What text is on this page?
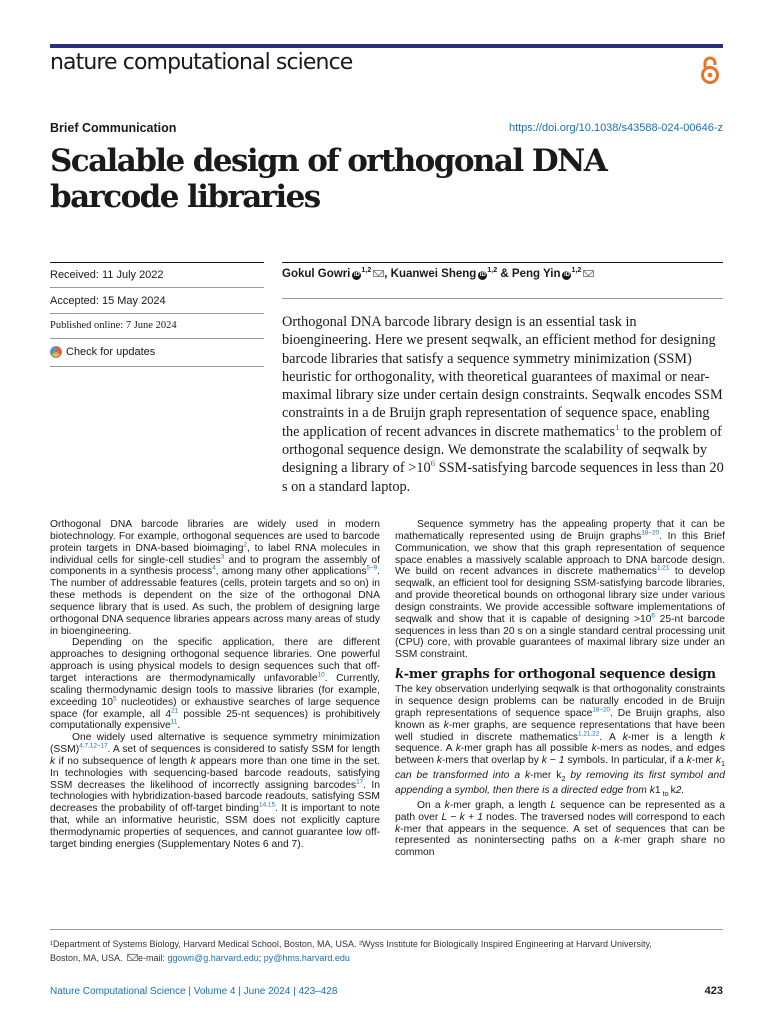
nature computational science
Brief Communication	https://doi.org/10.1038/s43588-024-00646-z
Scalable design of orthogonal DNA barcode libraries
Received: 11 July 2022
Accepted: 15 May 2024
Published online: 7 June 2024
Check for updates
Gokul Gowri iD$^{1,2}$ , Kuanwei Sheng iD$^{1,2}$ & Peng Yin iD$^{1,2}$

Orthogonal DNA barcode library design is an essential task in bioengineering. Here we present seqwalk, an efficient method for designing barcode libraries that satisfy a sequence symmetry minimization (SSM) heuristic for orthogonality, with theoretical guarantees of maximal or near-maximal library size under certain design constraints. Seqwalk encodes SSM constraints in a de Bruijn graph representation of sequence space, enabling the application of recent advances in discrete mathematics$^1$ to the problem of orthogonal sequence design. We demonstrate the scalability of seqwalk by designing a library of $>10^6$ SSM-satisfying barcode sequences in less than 20 s on a standard laptop.

Orthogonal DNA barcode libraries are widely used in modern biotechnology. For example, orthogonal sequences are used to barcode protein targets in DNA-based bioimaging$^2$, to label RNA molecules in individual cells for single-cell studies$^3$ and to program the assembly of components in a synthesis process$^4$, among many other applications$^{5-9}$. The number of addressable features (cells, protein targets and so on) in these methods is dependent on the size of the orthogonal DNA sequence library that is used. As such, the problem of designing large orthogonal DNA sequence libraries appears across many areas of study in bioengineering.

Depending on the specific application, there are different approaches to designing orthogonal sequence libraries. One powerful approach is using physical models to design sequences such that off-target interactions are thermodynamically unfavorable$^{10}$. Currently, scaling thermodynamic design tools to massive libraries (for example, exceeding $10^5$ nucleotides) or exhaustive searches of large sequence space (for example, all $4^{21}$ possible 25-nt sequences) is prohibitively computationally expensive$^{11}$.

One widely used alternative is sequence symmetry minimization (SSM)$^{4,7,12-17}$. A set of sequences is considered to satisfy SSM for length k if no subsequence of length k appears more than one time in the set. In technologies with sequencing-based barcode readouts, satisfying SSM decreases the likelihood of incorrectly assigning barcodes$^{17}$. In technologies with hybridization-based barcode readouts, satisfying SSM decreases the probability of off-target binding$^{14,15}$. It is important to note that, while an informative heuristic, SSM does not explicitly capture thermodynamic properties of sequences, and cannot guarantee low off-target binding energies (Supplementary Notes 6 and 7).

Sequence symmetry has the appealing property that it can be mathematically represented using de Bruijn graphs$^{18-20}$. In this Brief Communication, we show that this graph representation of sequence space enables a massively scalable approach to DNA barcode design. We build on recent advances in discrete mathematics$^{1,21}$ to develop seqwalk, an efficient tool for designing SSM-satisfying barcode libraries, and provide theoretical bounds on orthogonal library size under various design constraints. We provide accessible software implementations of seqwalk and show that it is capable of designing $>10^6$ 25-nt barcode sequences in less than 20 s on a single standard central processing unit (CPU) core, with provable guarantees of maximal library size under an SSM constraint.

k-mer graphs for orthogonal sequence design

The key observation underlying seqwalk is that orthogonality constraints in sequence design problems can be naturally encoded in de Bruijn graph representations of sequence space$^{18-20}$. De Bruijn graphs, also known as k-mer graphs, are sequence representations that have been well studied in discrete mathematics$^{1,21,22}$. A k-mer is a length k sequence. A k-mer graph has all possible k-mers as nodes, and edges between k-mers that overlap by k − 1 symbols. In particular, if a k-mer $k_1$ can be transformed into a k-mer $k_2$ by removing its first symbol and appending a symbol, then there is a directed edge from k1 $_{to}$ k2.

On a k-mer graph, a length L sequence can be represented as a path over L − k + 1 nodes. The traversed nodes will correspond to each k-mer that appears in the sequence. A set of sequences that can be represented as nonintersecting paths on a k-mer graph share no common

¹Department of Systems Biology, Harvard Medical School, Boston, MA, USA. ²Wyss Institute for Biologically Inspired Engineering at Harvard University,
Boston, MA, USA. e-mail: ggowri@g.harvard.edu; py@hms.harvard.edu

Nature Computational Science | Volume 4 | June 2024 | 423–428	423
